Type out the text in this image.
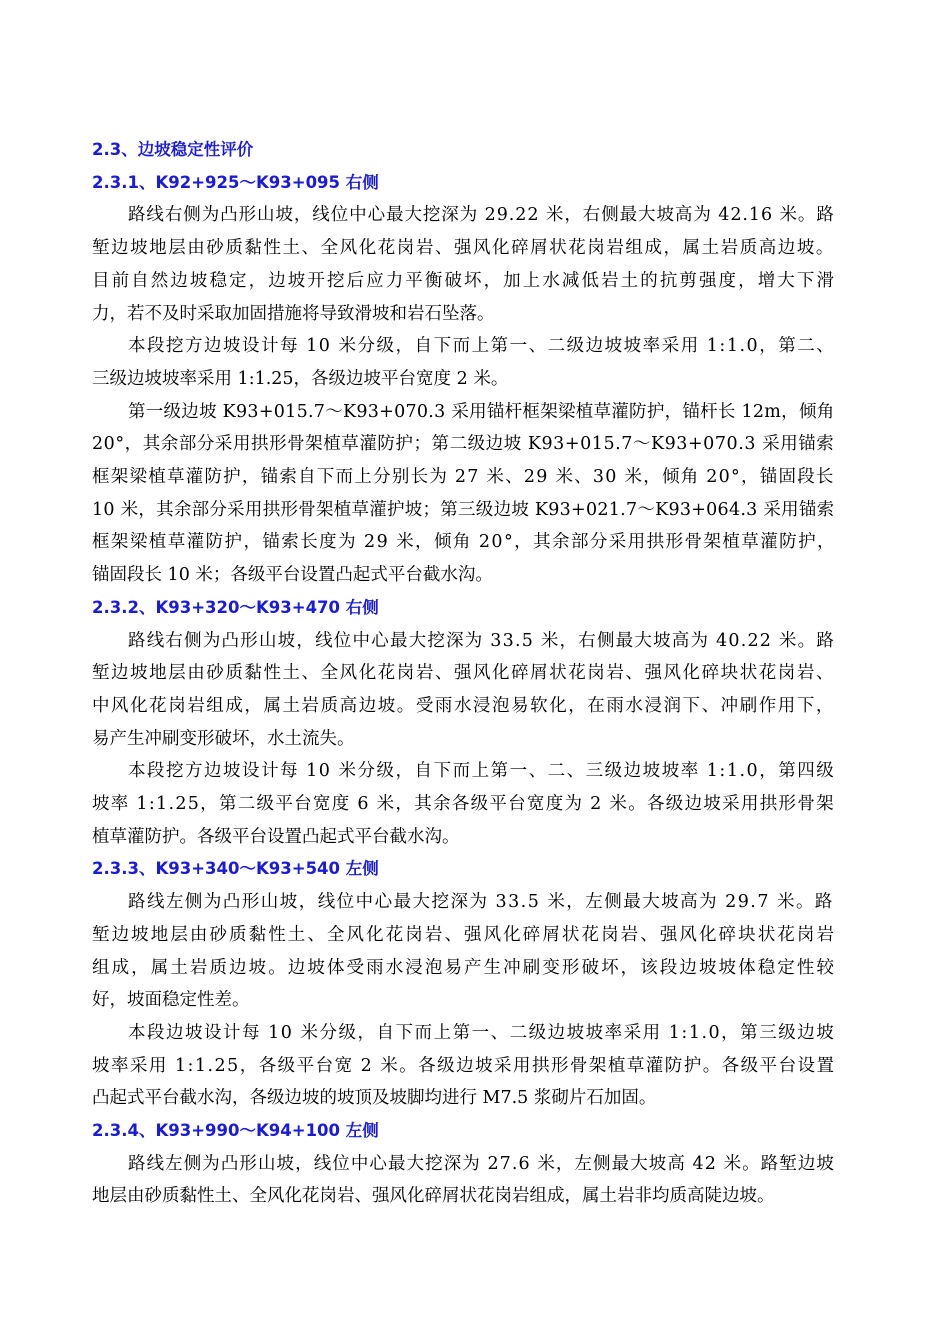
2.3、边坡稳定性评价
2.3.1、K92+925～K93+095 右侧
路线右侧为凸形山坡，线位中心最大挖深为 29.22 米，右侧最大坡高为 42.16 米。路
堑边坡地层由砂质黏性土、全风化花岗岩、强风化碎屑状花岗岩组成，属土岩质高边坡。
目前自然边坡稳定，边坡开挖后应力平衡破坏，加上水减低岩土的抗剪强度，增大下滑
力，若不及时采取加固措施将导致滑坡和岩石坠落。
本段挖方边坡设计每 10 米分级，自下而上第一、二级边坡坡率采用 1:1.0，第二、
三级边坡坡率采用 1:1.25，各级边坡平台宽度 2 米。
第一级边坡 K93+015.7～K93+070.3 采用锚杆框架梁植草灌防护，锚杆长 12m，倾角
20°，其余部分采用拱形骨架植草灌防护；第二级边坡 K93+015.7～K93+070.3 采用锚索
框架梁植草灌防护，锚索自下而上分别长为 27 米、29 米、30 米，倾角 20°，锚固段长
10 米，其余部分采用拱形骨架植草灌护坡；第三级边坡 K93+021.7～K93+064.3 采用锚索
框架梁植草灌防护，锚索长度为 29 米，倾角 20°，其余部分采用拱形骨架植草灌防护，
锚固段长 10 米；各级平台设置凸起式平台截水沟。
2.3.2、K93+320～K93+470 右侧
路线右侧为凸形山坡，线位中心最大挖深为 33.5 米，右侧最大坡高为 40.22 米。路
堑边坡地层由砂质黏性土、全风化花岗岩、强风化碎屑状花岗岩、强风化碎块状花岗岩、
中风化花岗岩组成，属土岩质高边坡。受雨水浸泡易软化，在雨水浸润下、冲刷作用下，
易产生冲刷变形破坏，水土流失。
本段挖方边坡设计每 10 米分级，自下而上第一、二、三级边坡坡率 1:1.0，第四级
坡率 1:1.25，第二级平台宽度 6 米，其余各级平台宽度为 2 米。各级边坡采用拱形骨架
植草灌防护。各级平台设置凸起式平台截水沟。
2.3.3、K93+340～K93+540 左侧
路线左侧为凸形山坡，线位中心最大挖深为 33.5 米，左侧最大坡高为 29.7 米。路
堑边坡地层由砂质黏性土、全风化花岗岩、强风化碎屑状花岗岩、强风化碎块状花岗岩
组成，属土岩质边坡。边坡体受雨水浸泡易产生冲刷变形破坏，该段边坡坡体稳定性较
好，坡面稳定性差。
本段边坡设计每 10 米分级，自下而上第一、二级边坡坡率采用 1:1.0，第三级边坡
坡率采用 1:1.25，各级平台宽 2 米。各级边坡采用拱形骨架植草灌防护。各级平台设置
凸起式平台截水沟，各级边坡的坡顶及坡脚均进行 M7.5 浆砌片石加固。
2.3.4、K93+990～K94+100 左侧
路线左侧为凸形山坡，线位中心最大挖深为 27.6 米，左侧最大坡高 42 米。路堑边坡
地层由砂质黏性土、全风化花岗岩、强风化碎屑状花岗岩组成，属土岩非均质高陡边坡。
